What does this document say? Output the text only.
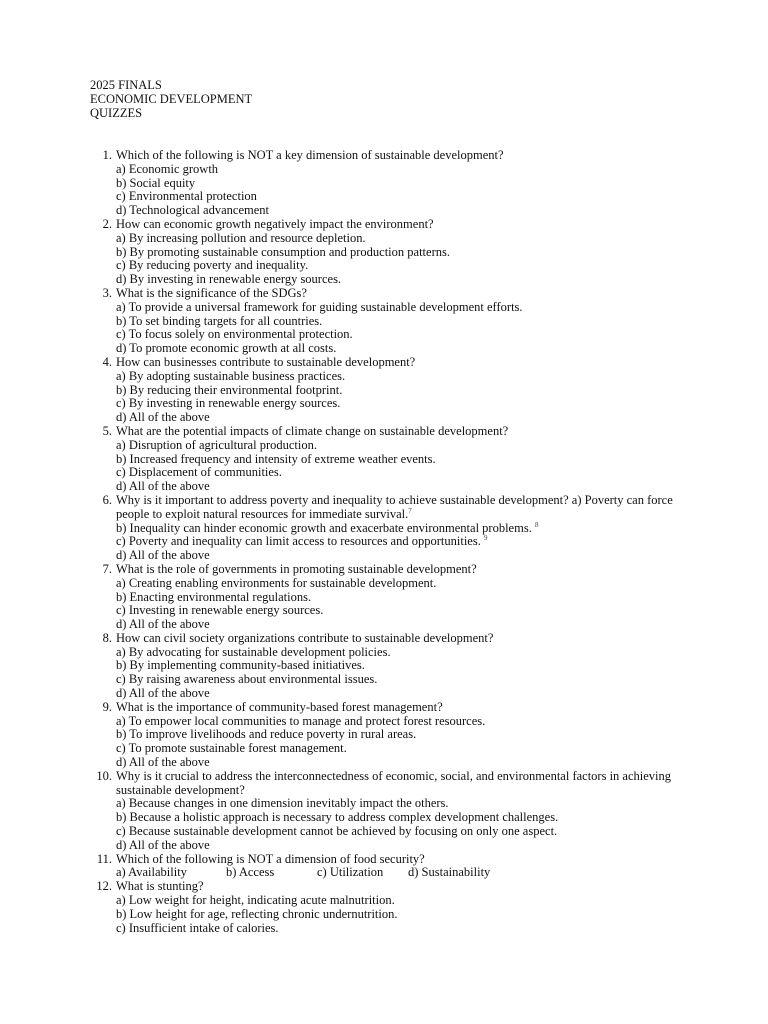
2025 FINALS
ECONOMIC DEVELOPMENT
QUIZZES
1. Which of the following is NOT a key dimension of sustainable development?
a) Economic growth
b) Social equity
c) Environmental protection
d) Technological advancement
2. How can economic growth negatively impact the environment?
a) By increasing pollution and resource depletion.
b) By promoting sustainable consumption and production patterns.
c) By reducing poverty and inequality.
d) By investing in renewable energy sources.
3. What is the significance of the SDGs?
a) To provide a universal framework for guiding sustainable development efforts.
b) To set binding targets for all countries.
c) To focus solely on environmental protection.
d) To promote economic growth at all costs.
4. How can businesses contribute to sustainable development?
a) By adopting sustainable business practices.
b) By reducing their environmental footprint.
c) By investing in renewable energy sources.
d) All of the above
5. What are the potential impacts of climate change on sustainable development?
a) Disruption of agricultural production.
b) Increased frequency and intensity of extreme weather events.
c) Displacement of communities.
d) All of the above
6. Why is it important to address poverty and inequality to achieve sustainable development? a) Poverty can force people to exploit natural resources for immediate survival.$^7$
b) Inequality can hinder economic growth and exacerbate environmental problems. $^8$
c) Poverty and inequality can limit access to resources and opportunities. $^9$
d) All of the above
7. What is the role of governments in promoting sustainable development?
a) Creating enabling environments for sustainable development.
b) Enacting environmental regulations.
c) Investing in renewable energy sources.
d) All of the above
8. How can civil society organizations contribute to sustainable development?
a) By advocating for sustainable development policies.
b) By implementing community-based initiatives.
c) By raising awareness about environmental issues.
d) All of the above
9. What is the importance of community-based forest management?
a) To empower local communities to manage and protect forest resources.
b) To improve livelihoods and reduce poverty in rural areas.
c) To promote sustainable forest management.
d) All of the above
10. Why is it crucial to address the interconnectedness of economic, social, and environmental factors in achieving sustainable development?
a) Because changes in one dimension inevitably impact the others.
b) Because a holistic approach is necessary to address complex development challenges.
c) Because sustainable development cannot be achieved by focusing on only one aspect.
d) All of the above
11. Which of the following is NOT a dimension of food security?
a) Availability	b) Access	c) Utilization d) Sustainability
12. What is stunting?
a) Low weight for height, indicating acute malnutrition.
b) Low height for age, reflecting chronic undernutrition.
c) Insufficient intake of calories.
